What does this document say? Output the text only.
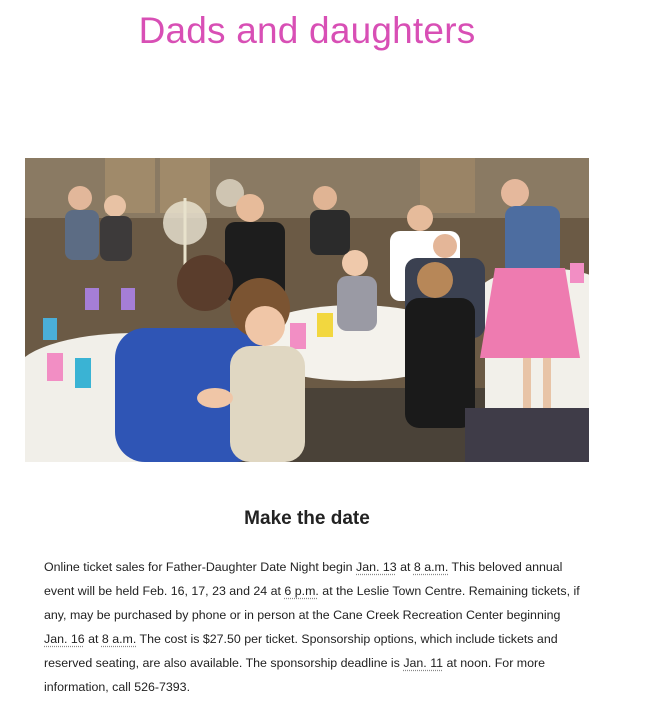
Dads and daughters
Make the date

Online ticket sales for Father-Daughter Date Night begin Jan. 13 at 8 a.m. This beloved annual event will be held Feb. 16, 17, 23 and 24 at 6 p.m. at the Leslie Town Centre. Remaining tickets, if any, may be purchased by phone or in person at the Cane Creek Recreation Center beginning Jan. 16 at 8 a.m. The cost is $27.50 per ticket. Sponsorship options, which include tickets and reserved seating, are also available. The sponsorship deadline is Jan. 11 at noon. For more information, call 526-7393.
